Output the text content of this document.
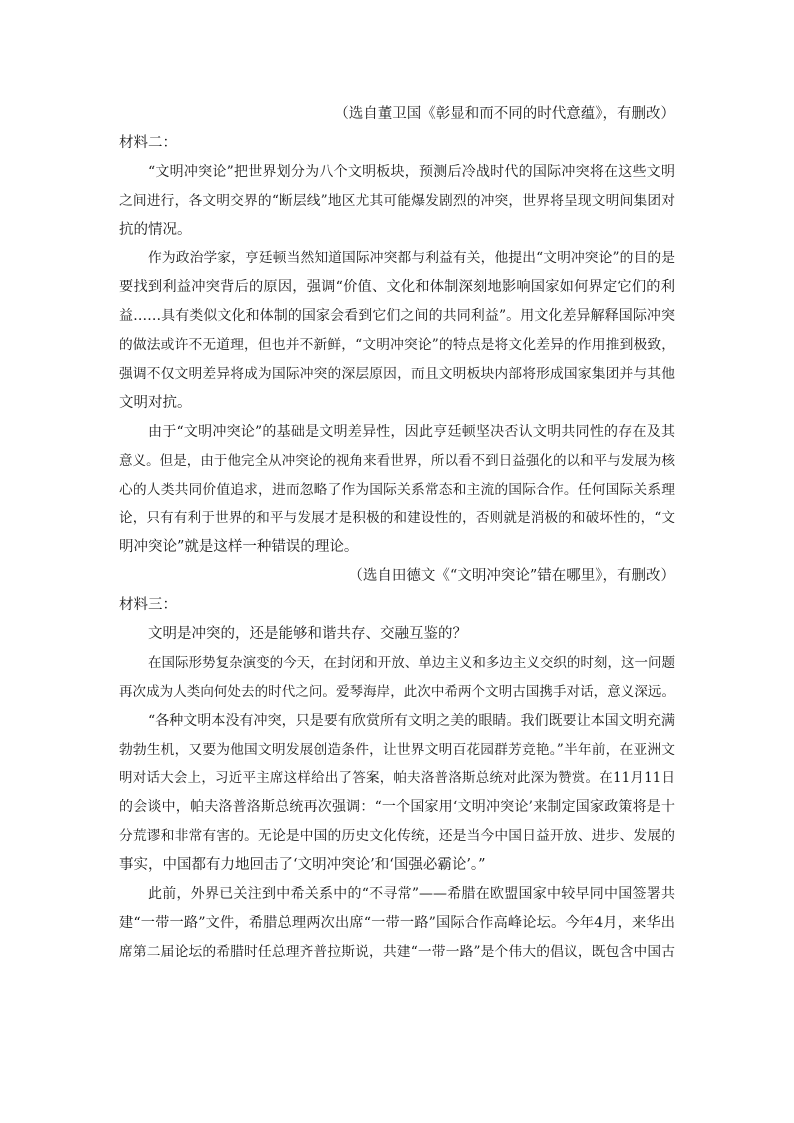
（选自董卫国《彰显和而不同的时代意蕴》，有删改）
材料二：
“文明冲突论”把世界划分为八个文明板块，预测后冷战时代的国际冲突将在这些文明
之间进行，各文明交界的“断层线”地区尤其可能爆发剧烈的冲突，世界将呈现文明间集团对
抗的情况。
作为政治学家，亨廷顿当然知道国际冲突都与利益有关，他提出“文明冲突论”的目的是
要找到利益冲突背后的原因，强调“价值、文化和体制深刻地影响国家如何界定它们的利
益……具有类似文化和体制的国家会看到它们之间的共同利益”。用文化差异解释国际冲突
的做法或许不无道理，但也并不新鲜，“文明冲突论”的特点是将文化差异的作用推到极致，
强调不仅文明差异将成为国际冲突的深层原因，而且文明板块内部将形成国家集团并与其他
文明对抗。
由于“文明冲突论”的基础是文明差异性，因此亨廷顿坚决否认文明共同性的存在及其
意义。但是，由于他完全从冲突论的视角来看世界，所以看不到日益强化的以和平与发展为核
心的人类共同价值追求，进而忽略了作为国际关系常态和主流的国际合作。任何国际关系理
论，只有有利于世界的和平与发展才是积极的和建设性的，否则就是消极的和破坏性的，“文
明冲突论”就是这样一种错误的理论。
（选自田德文《“文明冲突论”错在哪里》，有删改）
材料三：
文明是冲突的，还是能够和谐共存、交融互鉴的？
在国际形势复杂演变的今天，在封闭和开放、单边主义和多边主义交织的时刻，这一问题
再次成为人类向何处去的时代之问。爱琴海岸，此次中希两个文明古国携手对话，意义深远。
“各种文明本没有冲突，只是要有欣赏所有文明之美的眼睛。我们既要让本国文明充满
勃勃生机，又要为他国文明发展创造条件，让世界文明百花园群芳竞艳。”半年前，在亚洲文
明对话大会上，习近平主席这样给出了答案，帕夫洛普洛斯总统对此深为赞赏。在11月11日
的会谈中，帕夫洛普洛斯总统再次强调：“一个国家用‘文明冲突论’来制定国家政策将是十
分荒谬和非常有害的。无论是中国的历史文化传统，还是当今中国日益开放、进步、发展的
事实，中国都有力地回击了‘文明冲突论’和‘国强必霸论’。”
此前，外界已关注到中希关系中的“不寻常”——希腊在欧盟国家中较早同中国签署共
建“一带一路”文件，希腊总理两次出席“一带一路”国际合作高峰论坛。今年4月，来华出
席第二届论坛的希腊时任总理齐普拉斯说，共建“一带一路”是个伟大的倡议，既包含中国古
